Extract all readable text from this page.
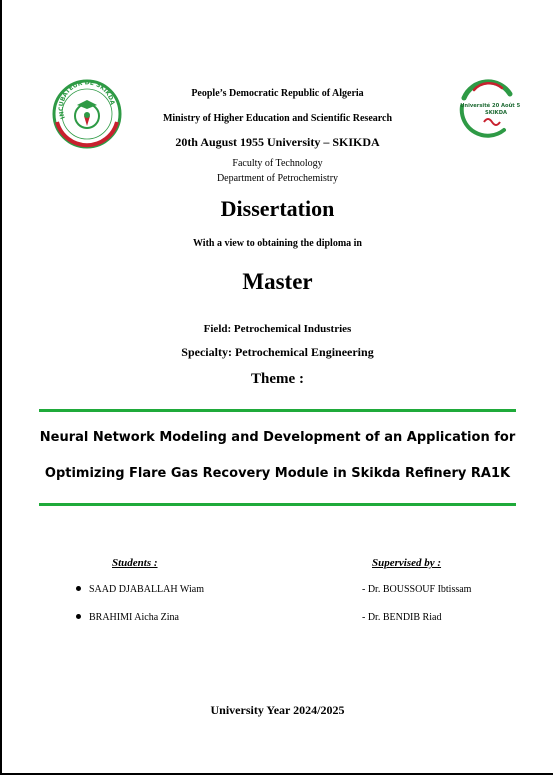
INCUBATEUR DE SKIKDA
Université 20 Août 55
SKIKDA
People’s Democratic Republic of Algeria
Ministry of Higher Education and Scientific Research
20th August 1955 University – SKIKDA
Faculty of Technology
Department of Petrochemistry
Dissertation
With a view to obtaining the diploma in
Master
Field: Petrochemical Industries
Specialty: Petrochemical Engineering
Theme :
Neural Network Modeling and Development of an Application for
Optimizing Flare Gas Recovery Module in Skikda Refinery RA1K
Students :	Supervised by :
SAAD DJABALLAH Wiam
BRAHIMI Aicha Zina
- Dr. BOUSSOUF Ibtissam
- Dr. BENDIB Riad
University Year 2024/2025
